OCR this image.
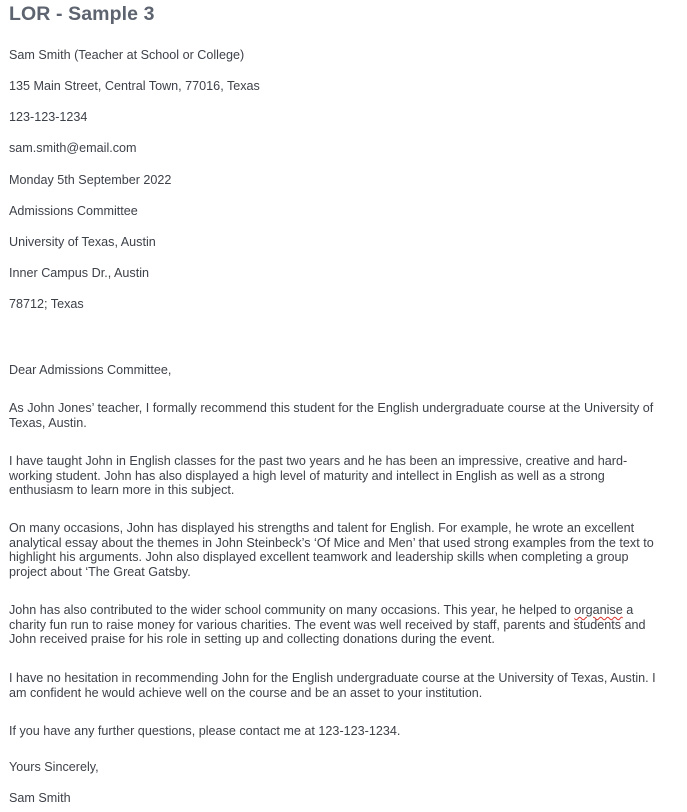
LOR - Sample 3
Sam Smith (Teacher at School or College)
135 Main Street, Central Town, 77016, Texas
123-123-1234
sam.smith@email.com
Monday 5th September 2022
Admissions Committee
University of Texas, Austin
Inner Campus Dr., Austin
78712; Texas
Dear Admissions Committee,

As John Jones’ teacher, I formally recommend this student for the English undergraduate course at the University of Texas, Austin.

I have taught John in English classes for the past two years and he has been an impressive, creative and hard-working student. John has also displayed a high level of maturity and intellect in English as well as a strong enthusiasm to learn more in this subject.

On many occasions, John has displayed his strengths and talent for English. For example, he wrote an excellent analytical essay about the themes in John Steinbeck’s ‘Of Mice and Men’ that used strong examples from the text to highlight his arguments. John also displayed excellent teamwork and leadership skills when completing a group project about ‘The Great Gatsby.

John has also contributed to the wider school community on many occasions. This year, he helped to organise a charity fun run to raise money for various charities. The event was well received by staff, parents and students and John received praise for his role in setting up and collecting donations during the event.

I have no hesitation in recommending John for the English undergraduate course at the University of Texas, Austin. I am confident he would achieve well on the course and be an asset to your institution.

If you have any further questions, please contact me at 123-123-1234.

Yours Sincerely,
Sam Smith
